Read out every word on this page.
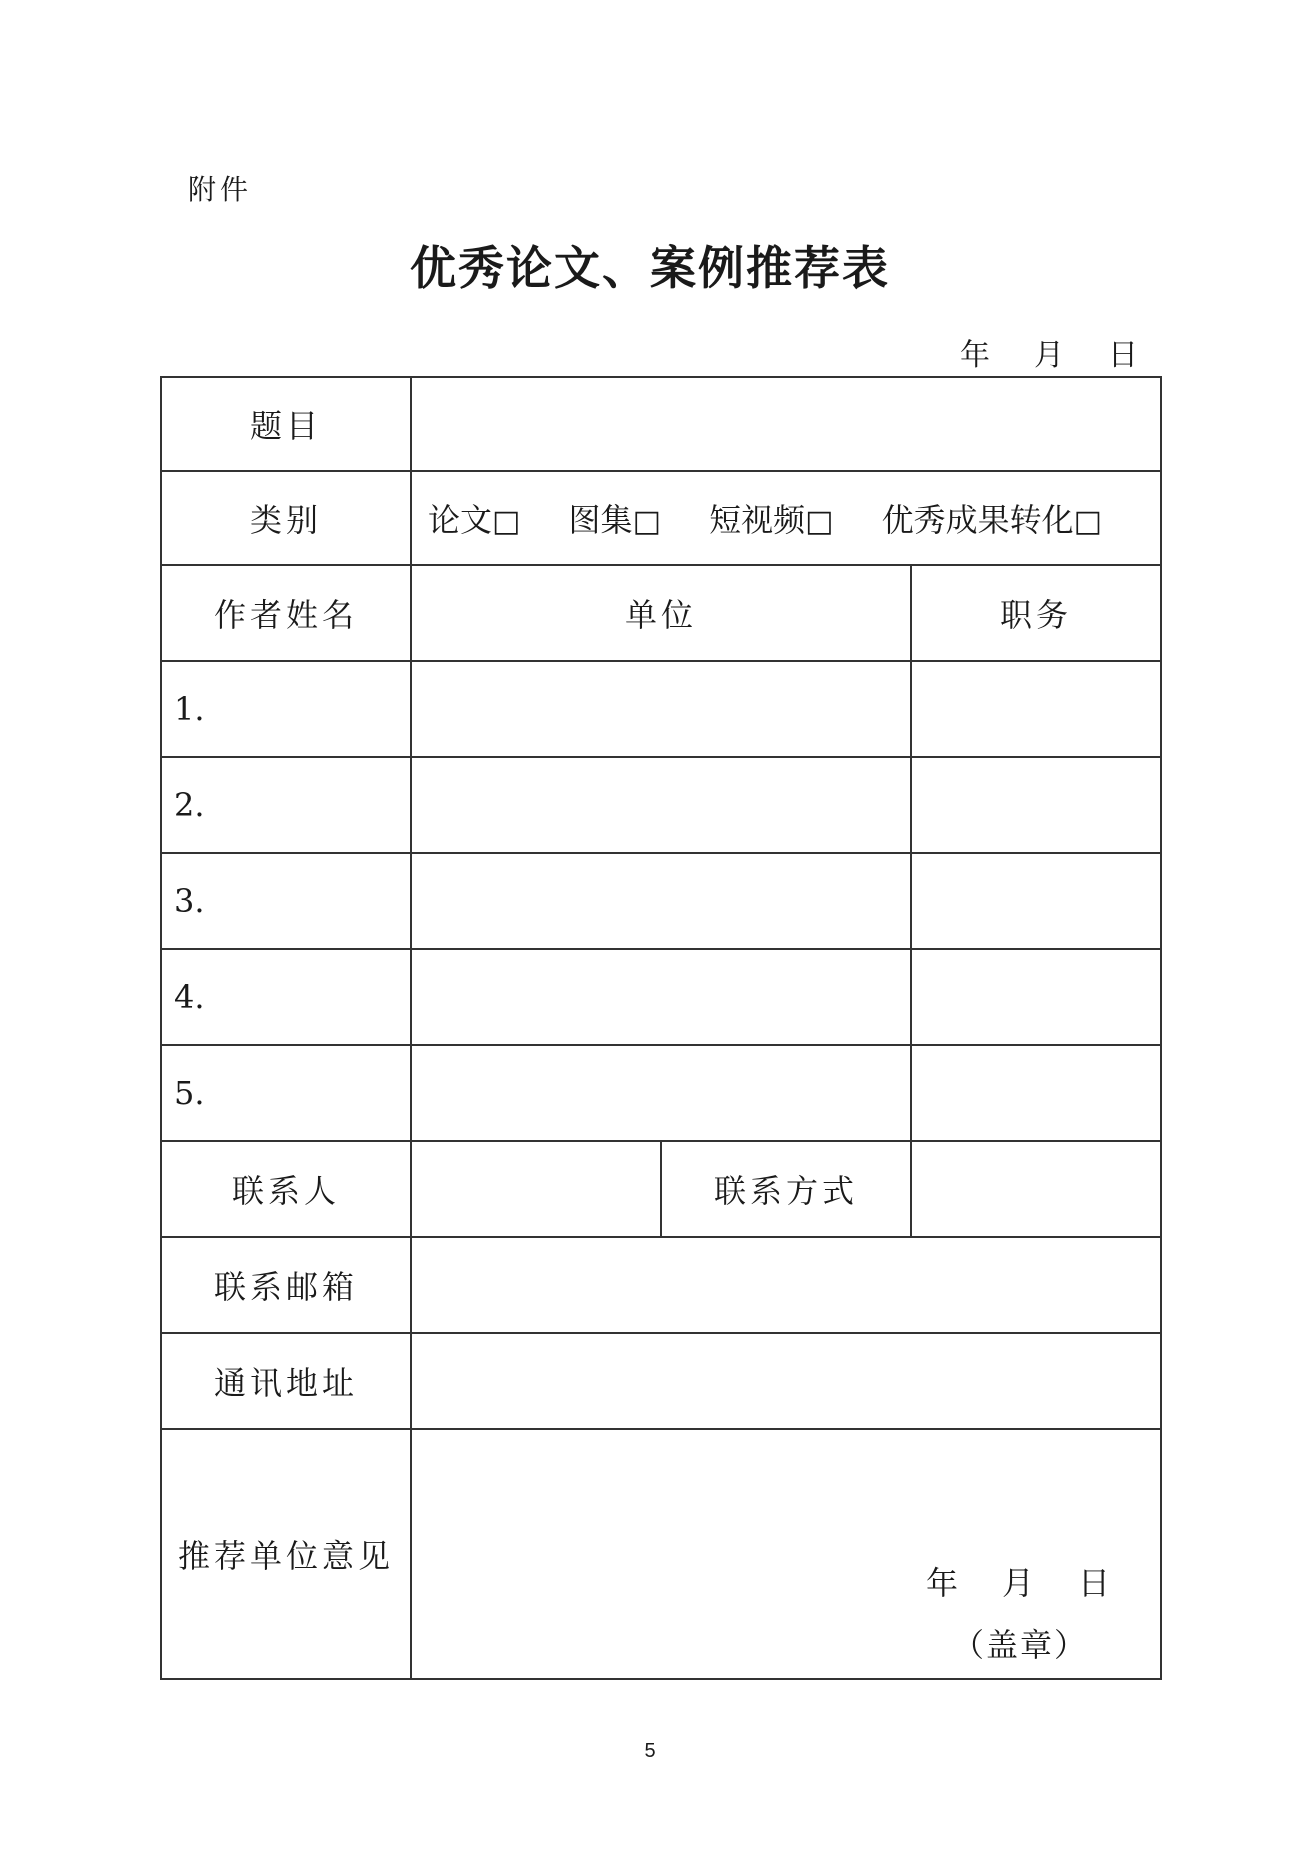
附件
优秀论文、案例推荐表
年 月 日
题目			
类别	论文□ 图集□ 短视频□ 优秀成果转化□		
作者姓名	单位		职务
1.			
2.			
3.			
4.			
5.			
联系人		联系方式	
联系邮箱			
通讯地址			
推荐单位意见	年 月 日
（盖章）		
5
